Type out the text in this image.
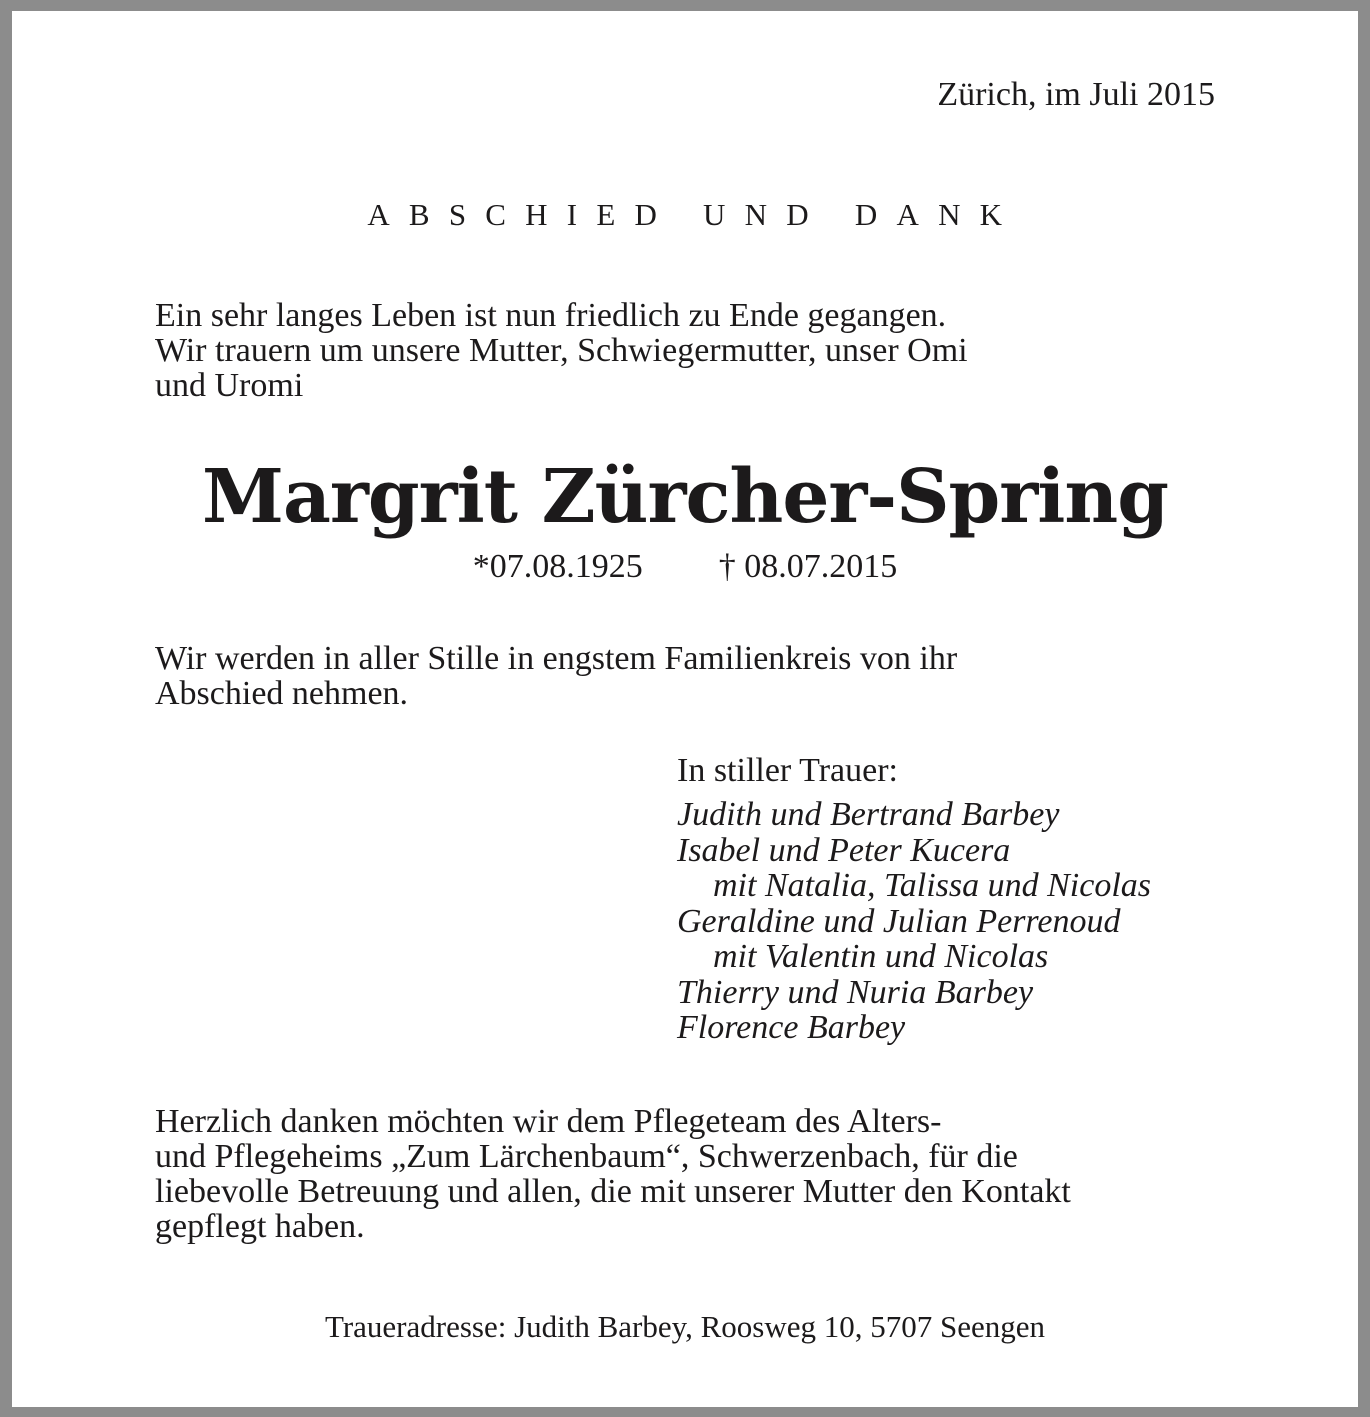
Zürich, im Juli 2015
ABSCHIED UND DANK
Ein sehr langes Leben ist nun friedlich zu Ende gegangen.
Wir trauern um unsere Mutter, Schwiegermutter, unser Omi
und Uromi
Margrit Zürcher-Spring
*07.08.1925 † 08.07.2015
Wir werden in aller Stille in engstem Familienkreis von ihr
Abschied nehmen.
In stiller Trauer:
Judith und Bertrand Barbey
Isabel und Peter Kucera
mit Natalia, Talissa und Nicolas
Geraldine und Julian Perrenoud
mit Valentin und Nicolas
Thierry und Nuria Barbey
Florence Barbey
Herzlich danken möchten wir dem Pflegeteam des Alters-
und Pflegeheims „Zum Lärchenbaum“, Schwerzenbach, für die
liebevolle Betreuung und allen, die mit unserer Mutter den Kontakt
gepflegt haben.
Traueradresse: Judith Barbey, Roosweg 10, 5707 Seengen
